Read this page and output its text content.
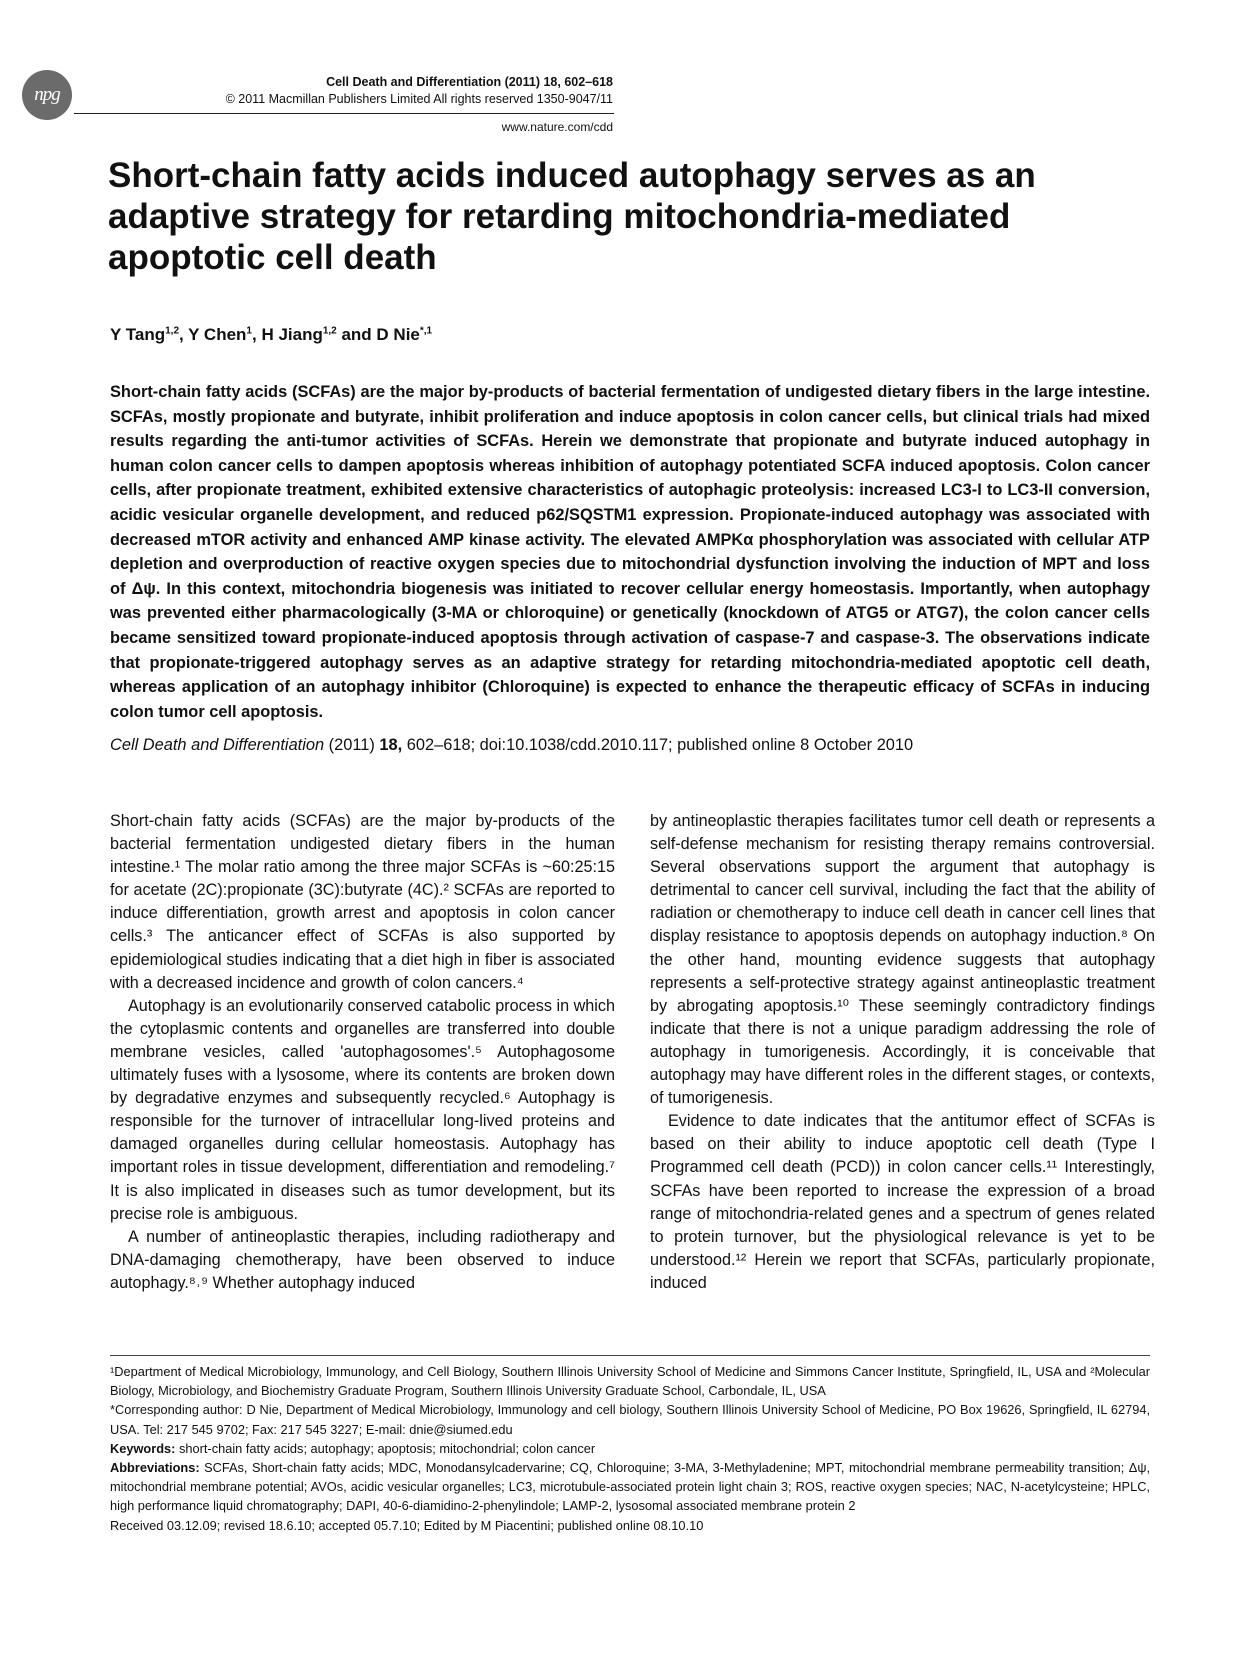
npg
Cell Death and Differentiation (2011) 18, 602–618
© 2011 Macmillan Publishers Limited All rights reserved 1350-9047/11
www.nature.com/cdd
Short-chain fatty acids induced autophagy serves as an adaptive strategy for retarding mitochondria-mediated apoptotic cell death
Y Tang$^{1,2}$, Y Chen$^1$, H Jiang$^{1,2}$ and D Nie$^{*,1}$

Short-chain fatty acids (SCFAs) are the major by-products of bacterial fermentation of undigested dietary fibers in the large intestine. SCFAs, mostly propionate and butyrate, inhibit proliferation and induce apoptosis in colon cancer cells, but clinical trials had mixed results regarding the anti-tumor activities of SCFAs. Herein we demonstrate that propionate and butyrate induced autophagy in human colon cancer cells to dampen apoptosis whereas inhibition of autophagy potentiated SCFA induced apoptosis. Colon cancer cells, after propionate treatment, exhibited extensive characteristics of autophagic proteolysis: increased LC3-I to LC3-II conversion, acidic vesicular organelle development, and reduced p62/SQSTM1 expression. Propionate-induced autophagy was associated with decreased mTOR activity and enhanced AMP kinase activity. The elevated AMPKα phosphorylation was associated with cellular ATP depletion and overproduction of reactive oxygen species due to mitochondrial dysfunction involving the induction of MPT and loss of Δψ. In this context, mitochondria biogenesis was initiated to recover cellular energy homeostasis. Importantly, when autophagy was prevented either pharmacologically (3-MA or chloroquine) or genetically (knockdown of ATG5 or ATG7), the colon cancer cells became sensitized toward propionate-induced apoptosis through activation of caspase-7 and caspase-3. The observations indicate that propionate-triggered autophagy serves as an adaptive strategy for retarding mitochondria-mediated apoptotic cell death, whereas application of an autophagy inhibitor (Chloroquine) is expected to enhance the therapeutic efficacy of SCFAs in inducing colon tumor cell apoptosis.

Cell Death and Differentiation (2011) 18, 602–618; doi:10.1038/cdd.2010.117; published online 8 October 2010

Short-chain fatty acids (SCFAs) are the major by-products of the bacterial fermentation undigested dietary fibers in the human intestine.¹ The molar ratio among the three major SCFAs is ~60:25:15 for acetate (2C):propionate (3C):butyrate (4C).² SCFAs are reported to induce differentiation, growth arrest and apoptosis in colon cancer cells.³ The anticancer effect of SCFAs is also supported by epidemiological studies indicating that a diet high in fiber is associated with a decreased incidence and growth of colon cancers.⁴

Autophagy is an evolutionarily conserved catabolic process in which the cytoplasmic contents and organelles are transferred into double membrane vesicles, called 'autophagosomes'.⁵ Autophagosome ultimately fuses with a lysosome, where its contents are broken down by degradative enzymes and subsequently recycled.⁶ Autophagy is responsible for the turnover of intracellular long-lived proteins and damaged organelles during cellular homeostasis. Autophagy has important roles in tissue development, differentiation and remodeling.⁷ It is also implicated in diseases such as tumor development, but its precise role is ambiguous.

A number of antineoplastic therapies, including radiotherapy and DNA-damaging chemotherapy, have been observed to induce autophagy.⁸˒⁹ Whether autophagy induced

by antineoplastic therapies facilitates tumor cell death or represents a self-defense mechanism for resisting therapy remains controversial. Several observations support the argument that autophagy is detrimental to cancer cell survival, including the fact that the ability of radiation or chemotherapy to induce cell death in cancer cell lines that display resistance to apoptosis depends on autophagy induction.⁸ On the other hand, mounting evidence suggests that autophagy represents a self-protective strategy against antineoplastic treatment by abrogating apoptosis.¹⁰ These seemingly contradictory findings indicate that there is not a unique paradigm addressing the role of autophagy in tumorigenesis. Accordingly, it is conceivable that autophagy may have different roles in the different stages, or contexts, of tumorigenesis.

Evidence to date indicates that the antitumor effect of SCFAs is based on their ability to induce apoptotic cell death (Type I Programmed cell death (PCD)) in colon cancer cells.¹¹ Interestingly, SCFAs have been reported to increase the expression of a broad range of mitochondria-related genes and a spectrum of genes related to protein turnover, but the physiological relevance is yet to be understood.¹² Herein we report that SCFAs, particularly propionate, induced

¹Department of Medical Microbiology, Immunology, and Cell Biology, Southern Illinois University School of Medicine and Simmons Cancer Institute, Springfield, IL, USA and ²Molecular Biology, Microbiology, and Biochemistry Graduate Program, Southern Illinois University Graduate School, Carbondale, IL, USA

*Corresponding author: D Nie, Department of Medical Microbiology, Immunology and cell biology, Southern Illinois University School of Medicine, PO Box 19626, Springfield, IL 62794, USA. Tel: 217 545 9702; Fax: 217 545 3227; E-mail: dnie@siumed.edu

Keywords: short-chain fatty acids; autophagy; apoptosis; mitochondrial; colon cancer

Abbreviations: SCFAs, Short-chain fatty acids; MDC, Monodansylcadervarine; CQ, Chloroquine; 3-MA, 3-Methyladenine; MPT, mitochondrial membrane permeability transition; Δψ, mitochondrial membrane potential; AVOs, acidic vesicular organelles; LC3, microtubule-associated protein light chain 3; ROS, reactive oxygen species; NAC, N-acetylcysteine; HPLC, high performance liquid chromatography; DAPI, 40-6-diamidino-2-phenylindole; LAMP-2, lysosomal associated membrane protein 2

Received 03.12.09; revised 18.6.10; accepted 05.7.10; Edited by M Piacentini; published online 08.10.10
